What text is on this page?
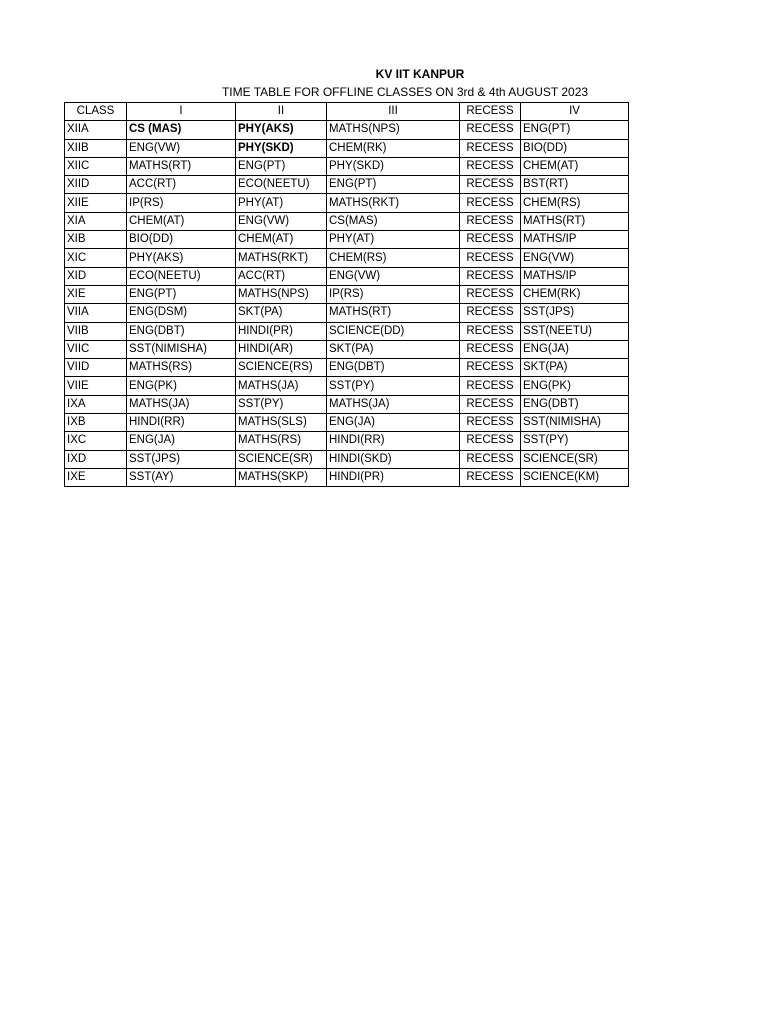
KV IIT KANPUR
TIME TABLE FOR OFFLINE CLASSES ON 3rd & 4th AUGUST 2023
CLASS	I	II	III	RECESS	IV
XIIA	CS (MAS)	PHY(AKS)	MATHS(NPS)	RECESS	ENG(PT)
XIIB	ENG(VW)	PHY(SKD)	CHEM(RK)	RECESS	BIO(DD)
XIIC	MATHS(RT)	ENG(PT)	PHY(SKD)	RECESS	CHEM(AT)
XIID	ACC(RT)	ECO(NEETU)	ENG(PT)	RECESS	BST(RT)
XIIE	IP(RS)	PHY(AT)	MATHS(RKT)	RECESS	CHEM(RS)
XIA	CHEM(AT)	ENG(VW)	CS(MAS)	RECESS	MATHS(RT)
XIB	BIO(DD)	CHEM(AT)	PHY(AT)	RECESS	MATHS/IP
XIC	PHY(AKS)	MATHS(RKT)	CHEM(RS)	RECESS	ENG(VW)
XID	ECO(NEETU)	ACC(RT)	ENG(VW)	RECESS	MATHS/IP
XIE	ENG(PT)	MATHS(NPS)	IP(RS)	RECESS	CHEM(RK)
VIIA	ENG(DSM)	SKT(PA)	MATHS(RT)	RECESS	SST(JPS)
VIIB	ENG(DBT)	HINDI(PR)	SCIENCE(DD)	RECESS	SST(NEETU)
VIIC	SST(NIMISHA)	HINDI(AR)	SKT(PA)	RECESS	ENG(JA)
VIID	MATHS(RS)	SCIENCE(RS)	ENG(DBT)	RECESS	SKT(PA)
VIIE	ENG(PK)	MATHS(JA)	SST(PY)	RECESS	ENG(PK)
IXA	MATHS(JA)	SST(PY)	MATHS(JA)	RECESS	ENG(DBT)
IXB	HINDI(RR)	MATHS(SLS)	ENG(JA)	RECESS	SST(NIMISHA)
IXC	ENG(JA)	MATHS(RS)	HINDI(RR)	RECESS	SST(PY)
IXD	SST(JPS)	SCIENCE(SR)	HINDI(SKD)	RECESS	SCIENCE(SR)
IXE	SST(AY)	MATHS(SKP)	HINDI(PR)	RECESS	SCIENCE(KM)
